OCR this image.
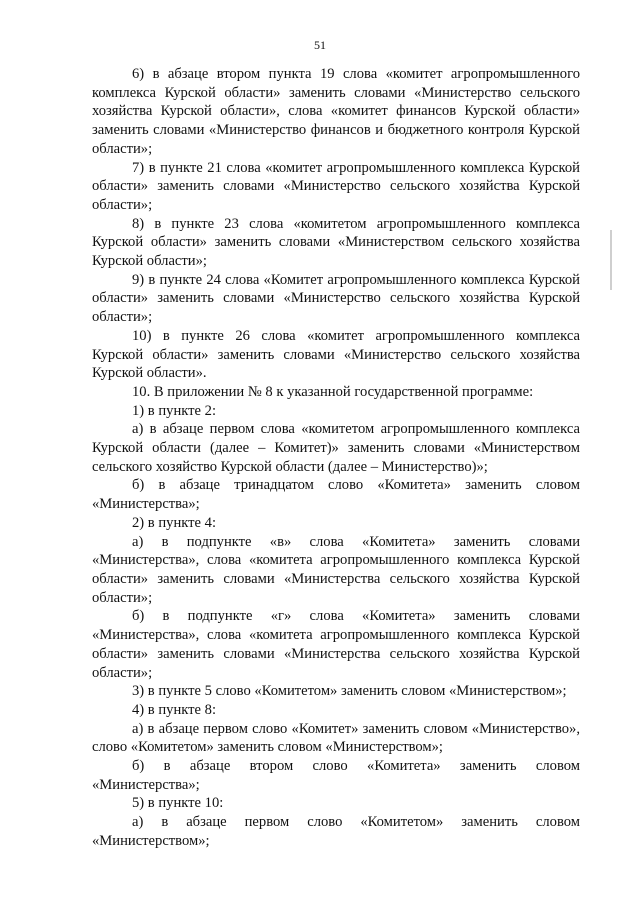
51

6) в абзаце втором пункта 19 слова «комитет агропромышленного комплекса Курской области» заменить словами «Министерство сельского хозяйства Курской области», слова «комитет финансов Курской области» заменить словами «Министерство финансов и бюджетного контроля Курской области»;

7) в пункте 21 слова «комитет агропромышленного комплекса Курской области» заменить словами «Министерство сельского хозяйства Курской области»;

8) в пункте 23 слова «комитетом агропромышленного комплекса Курской области» заменить словами «Министерством сельского хозяйства Курской области»;

9) в пункте 24 слова «Комитет агропромышленного комплекса Курской области» заменить словами «Министерство сельского хозяйства Курской области»;

10) в пункте 26 слова «комитет агропромышленного комплекса Курской области» заменить словами «Министерство сельского хозяйства Курской области».

10. В приложении № 8 к указанной государственной программе:

1) в пункте 2:

а) в абзаце первом слова «комитетом агропромышленного комплекса Курской области (далее – Комитет)» заменить словами «Министерством сельского хозяйство Курской области (далее – Министерство)»;

б) в абзаце тринадцатом слово «Комитета» заменить словом «Министерства»;

2) в пункте 4:

а) в подпункте «в» слова «Комитета» заменить словами «Министерства», слова «комитета агропромышленного комплекса Курской области» заменить словами «Министерства сельского хозяйства Курской области»;

б) в подпункте «г» слова «Комитета» заменить словами «Министерства», слова «комитета агропромышленного комплекса Курской области» заменить словами «Министерства сельского хозяйства Курской области»;

3) в пункте 5 слово «Комитетом» заменить словом «Министерством»;

4) в пункте 8:

а) в абзаце первом слово «Комитет» заменить словом «Министерство», слово «Комитетом» заменить словом «Министерством»;

б) в абзаце втором слово «Комитета» заменить словом «Министерства»;

5) в пункте 10:

а) в абзаце первом слово «Комитетом» заменить словом «Министерством»;
